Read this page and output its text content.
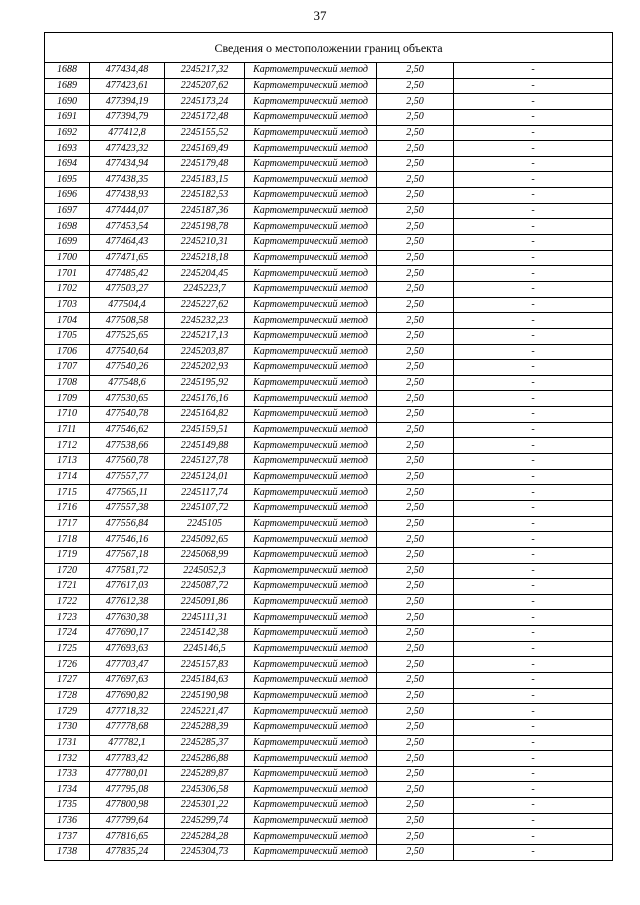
37
Сведения о местоположении границ объекта					
1688	477434,48	2245217,32	Картометрический метод	2,50	-
1689	477423,61	2245207,62	Картометрический метод	2,50	-
1690	477394,19	2245173,24	Картометрический метод	2,50	-
1691	477394,79	2245172,48	Картометрический метод	2,50	-
1692	477412,8	2245155,52	Картометрический метод	2,50	-
1693	477423,32	2245169,49	Картометрический метод	2,50	-
1694	477434,94	2245179,48	Картометрический метод	2,50	-
1695	477438,35	2245183,15	Картометрический метод	2,50	-
1696	477438,93	2245182,53	Картометрический метод	2,50	-
1697	477444,07	2245187,36	Картометрический метод	2,50	-
1698	477453,54	2245198,78	Картометрический метод	2,50	-
1699	477464,43	2245210,31	Картометрический метод	2,50	-
1700	477471,65	2245218,18	Картометрический метод	2,50	-
1701	477485,42	2245204,45	Картометрический метод	2,50	-
1702	477503,27	2245223,7	Картометрический метод	2,50	-
1703	477504,4	2245227,62	Картометрический метод	2,50	-
1704	477508,58	2245232,23	Картометрический метод	2,50	-
1705	477525,65	2245217,13	Картометрический метод	2,50	-
1706	477540,64	2245203,87	Картометрический метод	2,50	-
1707	477540,26	2245202,93	Картометрический метод	2,50	-
1708	477548,6	2245195,92	Картометрический метод	2,50	-
1709	477530,65	2245176,16	Картометрический метод	2,50	-
1710	477540,78	2245164,82	Картометрический метод	2,50	-
1711	477546,62	2245159,51	Картометрический метод	2,50	-
1712	477538,66	2245149,88	Картометрический метод	2,50	-
1713	477560,78	2245127,78	Картометрический метод	2,50	-
1714	477557,77	2245124,01	Картометрический метод	2,50	-
1715	477565,11	2245117,74	Картометрический метод	2,50	-
1716	477557,38	2245107,72	Картометрический метод	2,50	-
1717	477556,84	2245105	Картометрический метод	2,50	-
1718	477546,16	2245092,65	Картометрический метод	2,50	-
1719	477567,18	2245068,99	Картометрический метод	2,50	-
1720	477581,72	2245052,3	Картометрический метод	2,50	-
1721	477617,03	2245087,72	Картометрический метод	2,50	-
1722	477612,38	2245091,86	Картометрический метод	2,50	-
1723	477630,38	2245111,31	Картометрический метод	2,50	-
1724	477690,17	2245142,38	Картометрический метод	2,50	-
1725	477693,63	2245146,5	Картометрический метод	2,50	-
1726	477703,47	2245157,83	Картометрический метод	2,50	-
1727	477697,63	2245184,63	Картометрический метод	2,50	-
1728	477690,82	2245190,98	Картометрический метод	2,50	-
1729	477718,32	2245221,47	Картометрический метод	2,50	-
1730	477778,68	2245288,39	Картометрический метод	2,50	-
1731	477782,1	2245285,37	Картометрический метод	2,50	-
1732	477783,42	2245286,88	Картометрический метод	2,50	-
1733	477780,01	2245289,87	Картометрический метод	2,50	-
1734	477795,08	2245306,58	Картометрический метод	2,50	-
1735	477800,98	2245301,22	Картометрический метод	2,50	-
1736	477799,64	2245299,74	Картометрический метод	2,50	-
1737	477816,65	2245284,28	Картометрический метод	2,50	-
1738	477835,24	2245304,73	Картометрический метод	2,50	-
